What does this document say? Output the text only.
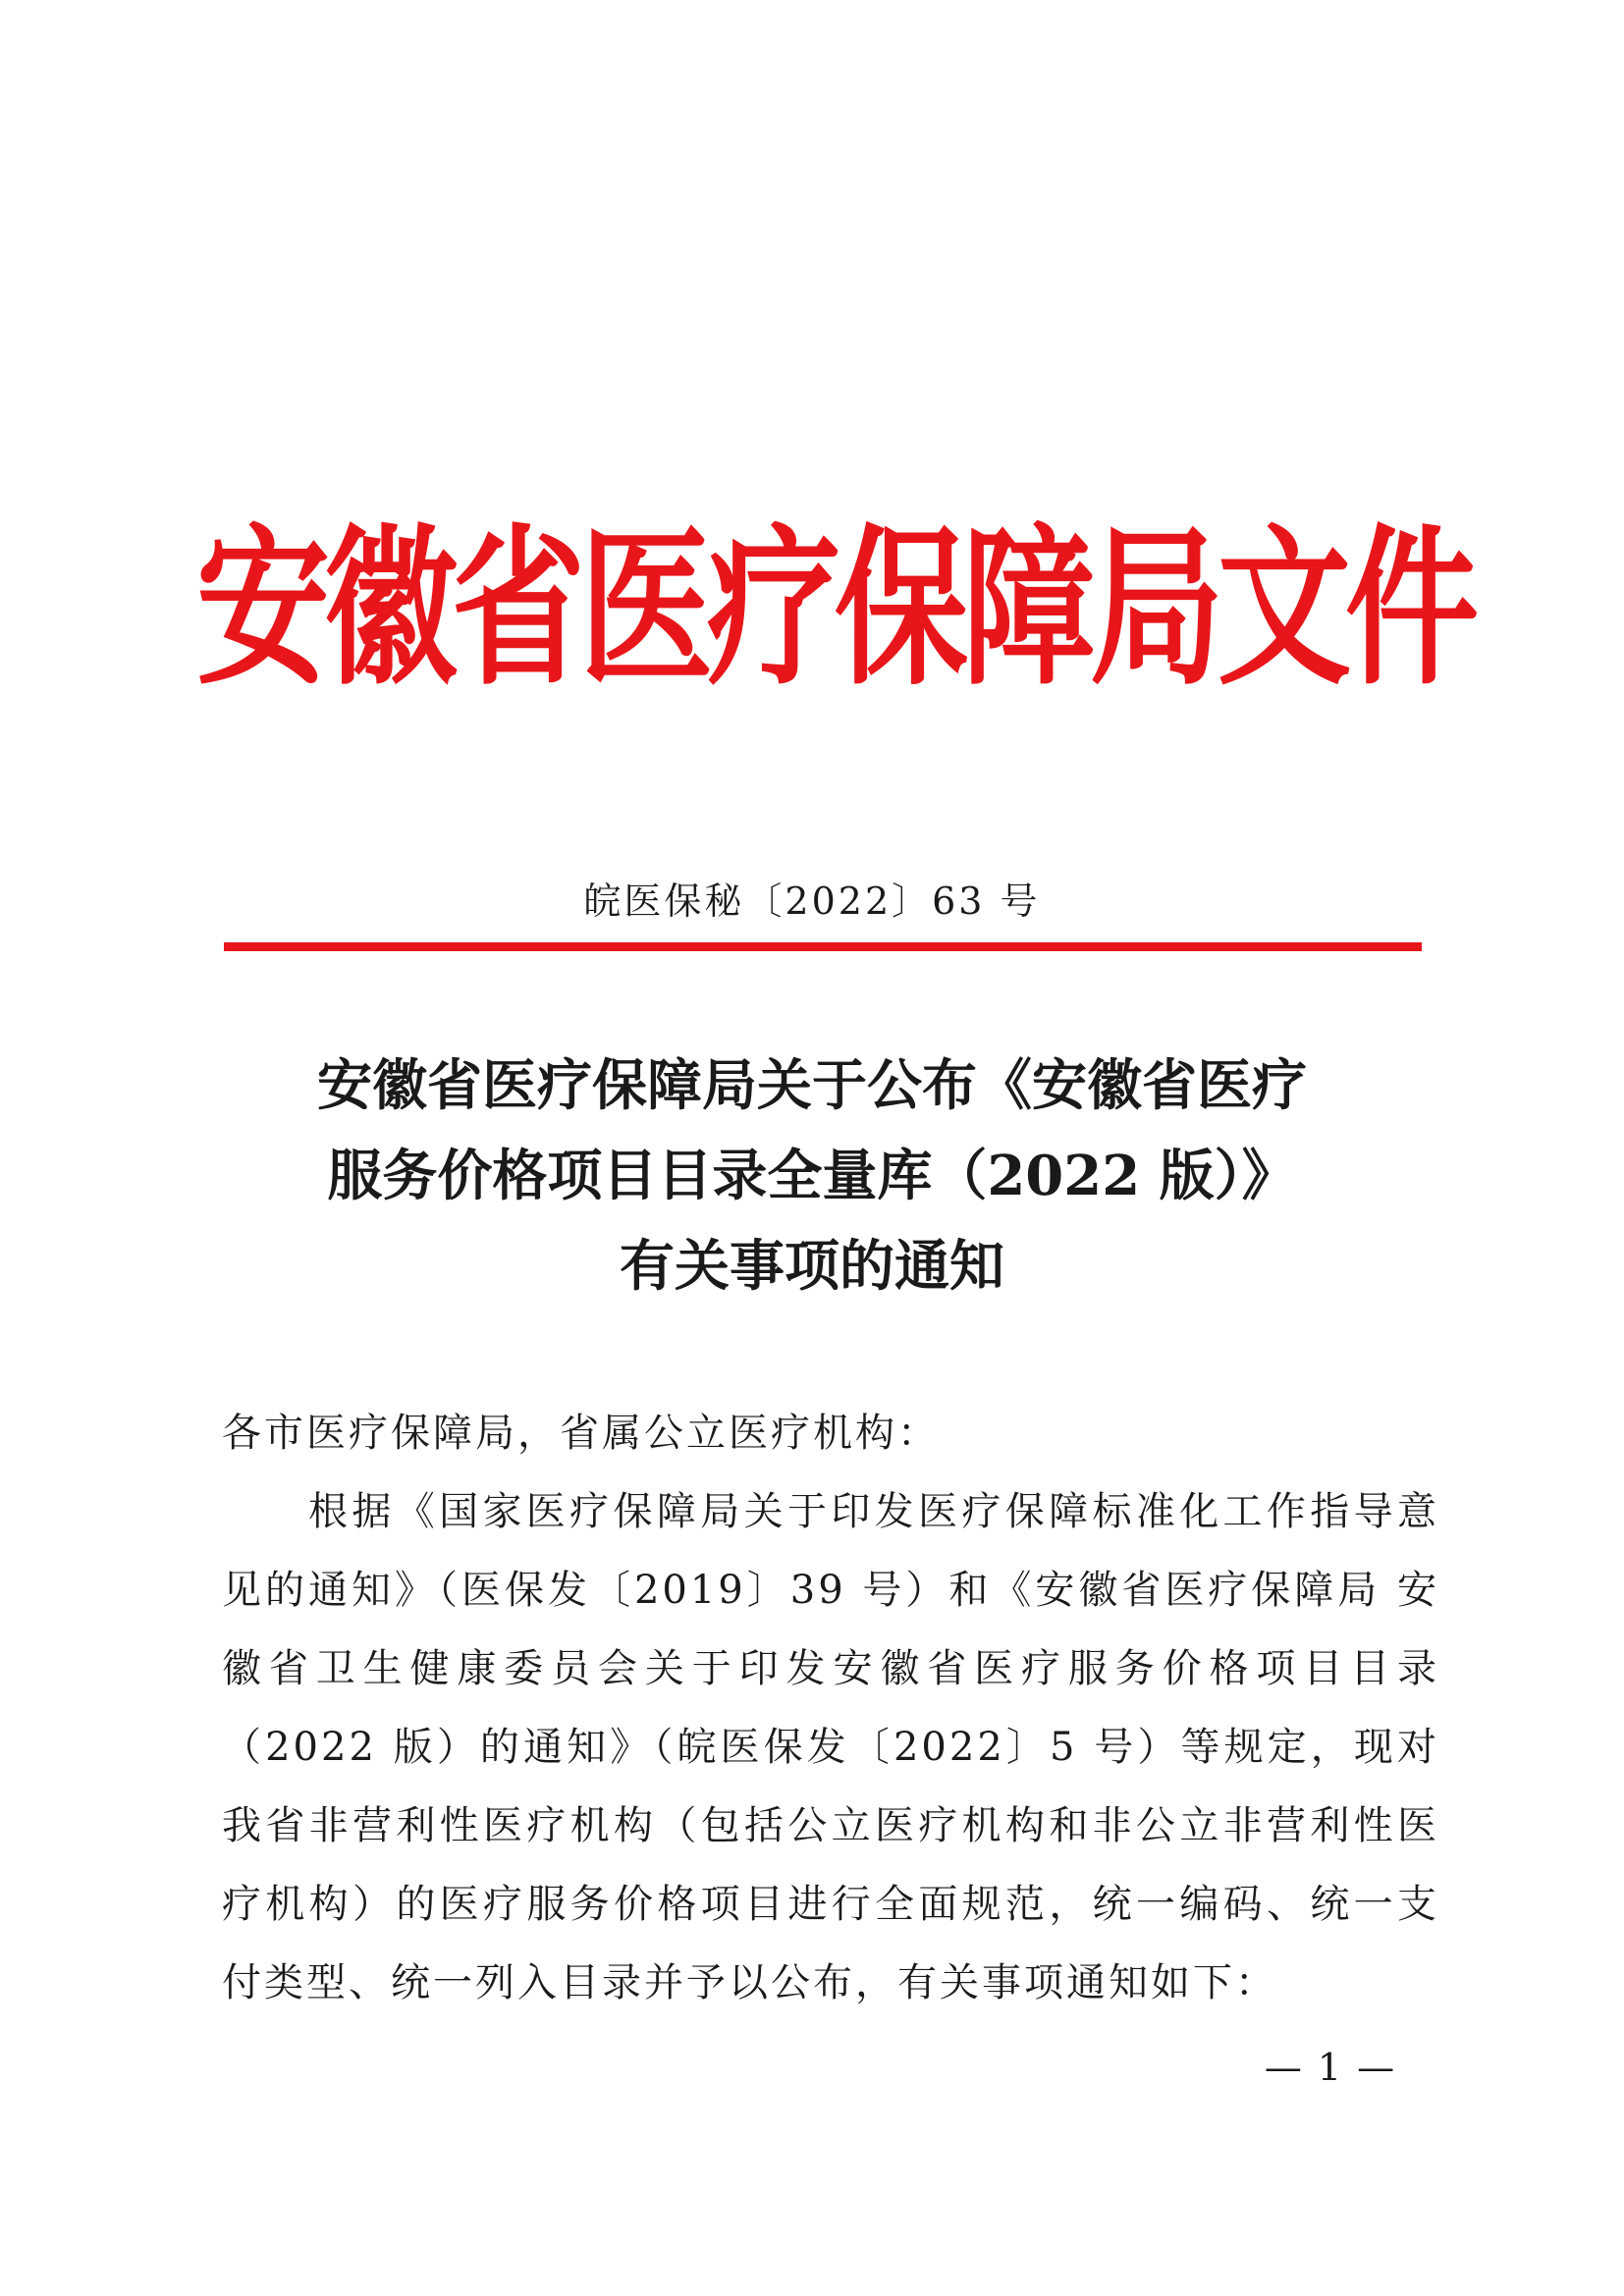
安徽省医疗保障局文件
皖医保秘〔2022〕63 号
安徽省医疗保障局关于公布《安徽省医疗
服务价格项目目录全量库（2022 版）》
有关事项的通知

各市医疗保障局，省属公立医疗机构：

根据《国家医疗保障局关于印发医疗保障标准化工作指导意见的通知》（医保发〔2019〕39 号）和《安徽省医疗保障局 安徽省卫生健康委员会关于印发安徽省医疗服务价格项目目录（2022 版）的通知》（皖医保发〔2022〕5 号）等规定，现对我省非营利性医疗机构（包括公立医疗机构和非公立非营利性医疗机构）的医疗服务价格项目进行全面规范，统一编码、统一支付类型、统一列入目录并予以公布，有关事项通知如下：

— 1 —
